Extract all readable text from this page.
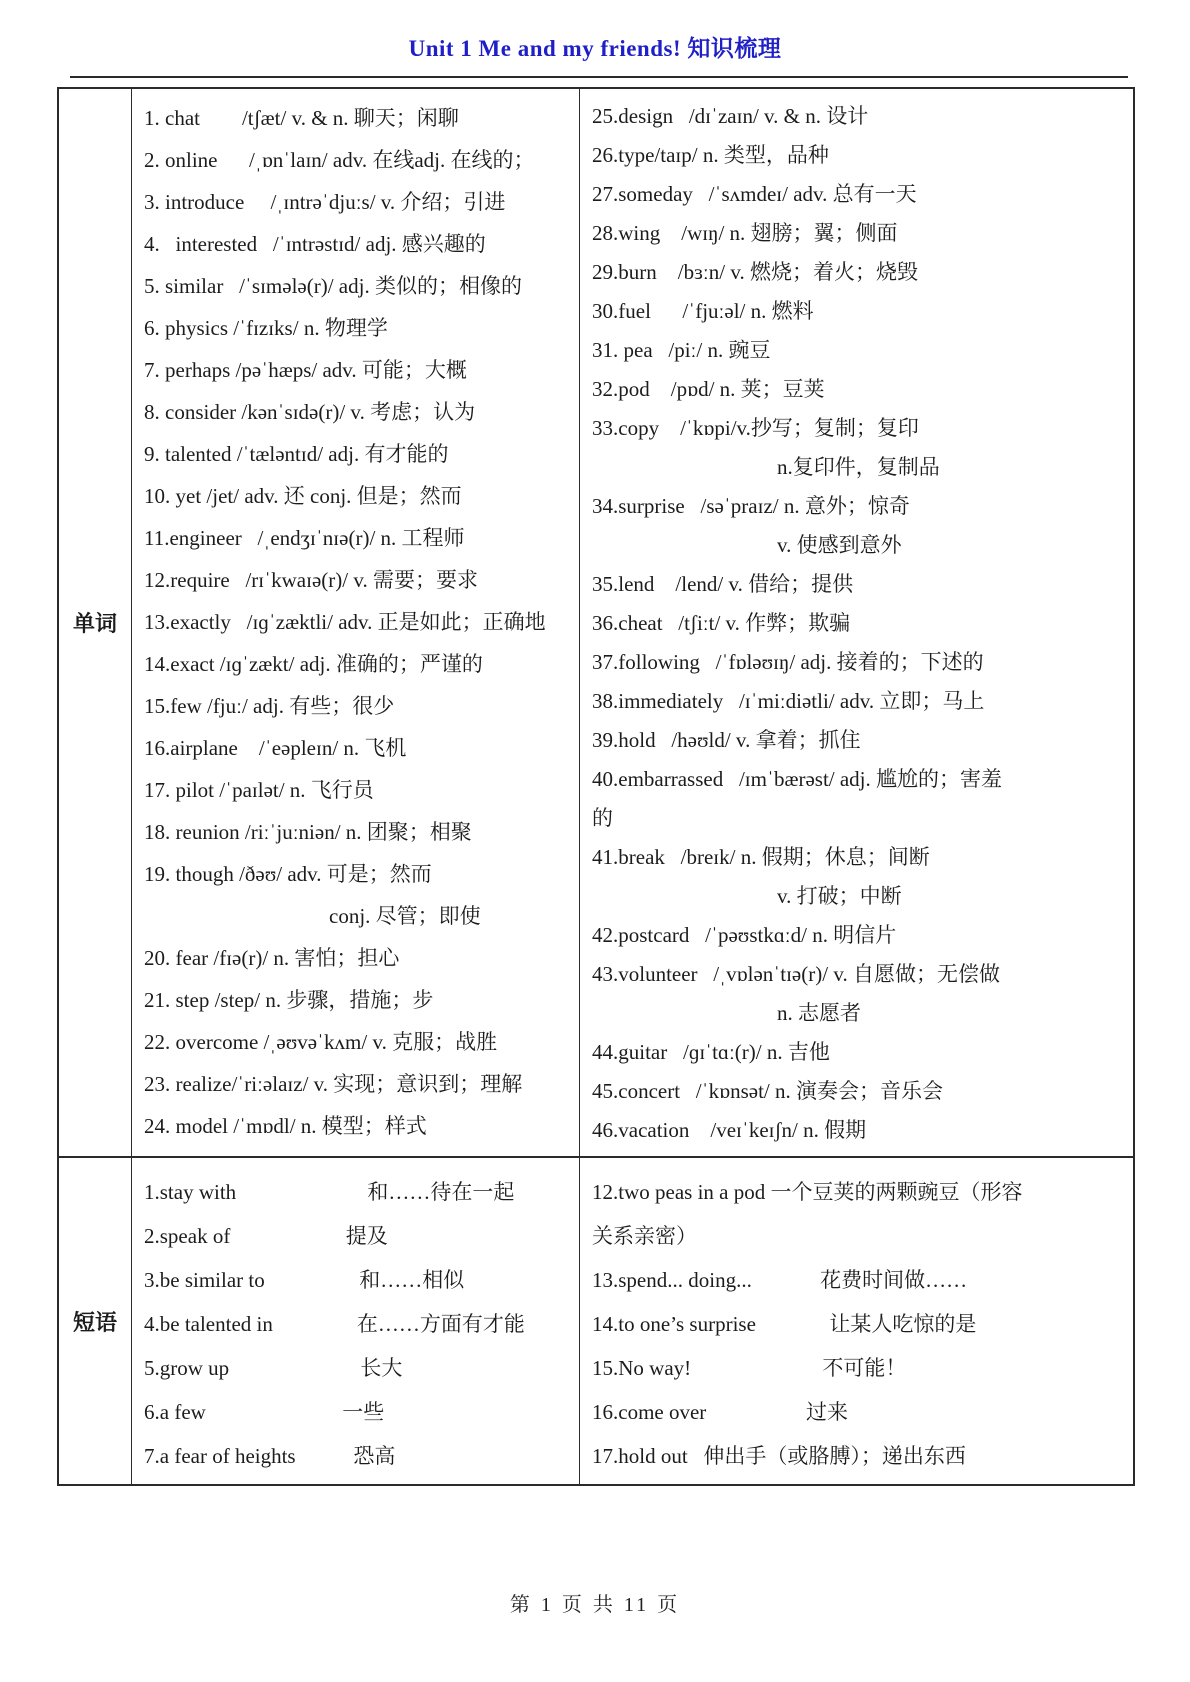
Unit 1 Me and my friends! 知识梳理
单词
1. chat        /tʃæt/ v. & n. 聊天；闲聊
2. online      /ˌɒnˈlaɪn/ adv. 在线adj. 在线的；
3. introduce     /ˌɪntrəˈdjuːs/ v. 介绍；引进
4.   interested   /ˈɪntrəstɪd/ adj. 感兴趣的
5. similar   /ˈsɪmələ(r)/ adj. 类似的；相像的
6. physics /ˈfɪzɪks/ n. 物理学
7. perhaps /pəˈhæps/ adv. 可能；大概
8. consider /kənˈsɪdə(r)/ v. 考虑；认为
9. talented /ˈtæləntɪd/ adj. 有才能的
10. yet /jet/ adv. 还 conj. 但是；然而
11.engineer   /ˌendʒɪˈnɪə(r)/ n. 工程师
12.require   /rɪˈkwaɪə(r)/ v. 需要；要求
13.exactly   /ɪɡˈzæktli/ adv. 正是如此；正确地
14.exact /ɪɡˈzækt/ adj. 准确的；严谨的
15.few /fjuː/ adj. 有些；很少
16.airplane    /ˈeəpleɪn/ n. 飞机
17. pilot /ˈpaɪlət/ n. 飞行员
18. reunion /riːˈjuːniən/ n. 团聚；相聚
19. though /ðəʊ/ adv. 可是；然而
conj. 尽管；即使
20. fear /fɪə(r)/ n. 害怕；担心
21. step /step/ n. 步骤，措施；步
22. overcome /ˌəʊvəˈkʌm/ v. 克服；战胜
23. realize/ˈriːəlaɪz/ v. 实现；意识到；理解
24. model /ˈmɒdl/ n. 模型；样式
25.design   /dɪˈzaɪn/ v. & n. 设计
26.type/taɪp/ n. 类型，品种
27.someday   /ˈsʌmdeɪ/ adv. 总有一天
28.wing    /wɪŋ/ n. 翅膀；翼；侧面
29.burn    /bɜːn/ v. 燃烧；着火；烧毁
30.fuel      /ˈfjuːəl/ n. 燃料
31. pea   /piː/ n. 豌豆
32.pod    /pɒd/ n. 荚；豆荚
33.copy    /ˈkɒpi/v.抄写；复制；复印
n.复印件，复制品
34.surprise   /səˈpraɪz/ n. 意外；惊奇
v. 使感到意外
35.lend    /lend/ v. 借给；提供
36.cheat   /tʃiːt/ v. 作弊；欺骗
37.following   /ˈfɒləʊɪŋ/ adj. 接着的；下述的
38.immediately   /ɪˈmiːdiətli/ adv. 立即；马上
39.hold   /həʊld/ v. 拿着；抓住
40.embarrassed   /ɪmˈbærəst/ adj. 尴尬的；害羞
的
41.break   /breɪk/ n. 假期；休息；间断
v. 打破；中断
42.postcard   /ˈpəʊstkɑːd/ n. 明信片
43.volunteer   /ˌvɒlənˈtɪə(r)/ v. 自愿做；无偿做
n. 志愿者
44.guitar   /ɡɪˈtɑː(r)/ n. 吉他
45.concert   /ˈkɒnsət/ n. 演奏会；音乐会
46.vacation    /veɪˈkeɪʃn/ n. 假期
短语
1.stay with                         和……待在一起
2.speak of                      提及
3.be similar to                  和……相似
4.be talented in                在……方面有才能
5.grow up                         长大
6.a few                          一些
7.a fear of heights           恐高
12.two peas in a pod 一个豆荚的两颗豌豆（形容
关系亲密）
13.spend... doing...             花费时间做……
14.to one’s surprise              让某人吃惊的是
15.No way!                         不可能！
16.come over                   过来
17.hold out   伸出手（或胳膊）；递出东西
第 1 页 共 11 页
